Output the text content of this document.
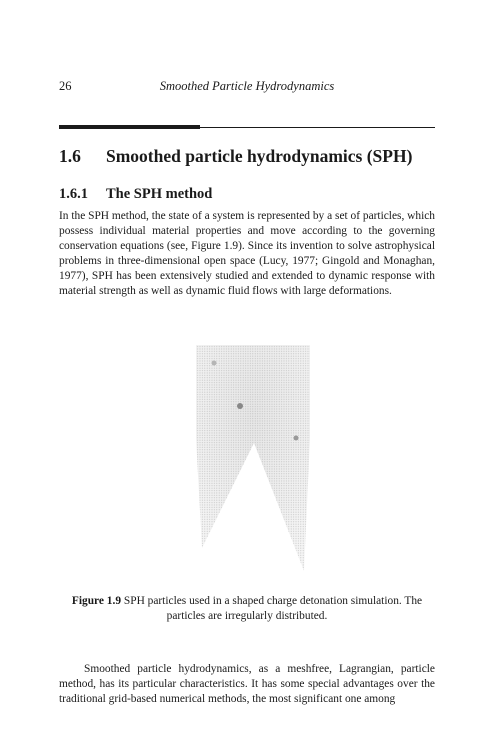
26	Smoothed Particle Hydrodynamics
1.6 Smoothed particle hydrodynamics (SPH)
1.6.1 The SPH method

In the SPH method, the state of a system is represented by a set of particles, which possess individual material properties and move according to the governing conservation equations (see, Figure 1.9). Since its invention to solve astrophysical problems in three-dimensional open space (Lucy, 1977; Gingold and Monaghan, 1977), SPH has been extensively studied and extended to dynamic response with material strength as well as dynamic fluid flows with large deformations.

Figure 1.9 SPH particles used in a shaped charge detonation simulation. The particles are irregularly distributed.

Smoothed particle hydrodynamics, as a meshfree, Lagrangian, particle method, has its particular characteristics. It has some special advantages over the traditional grid-based numerical methods, the most significant one among
